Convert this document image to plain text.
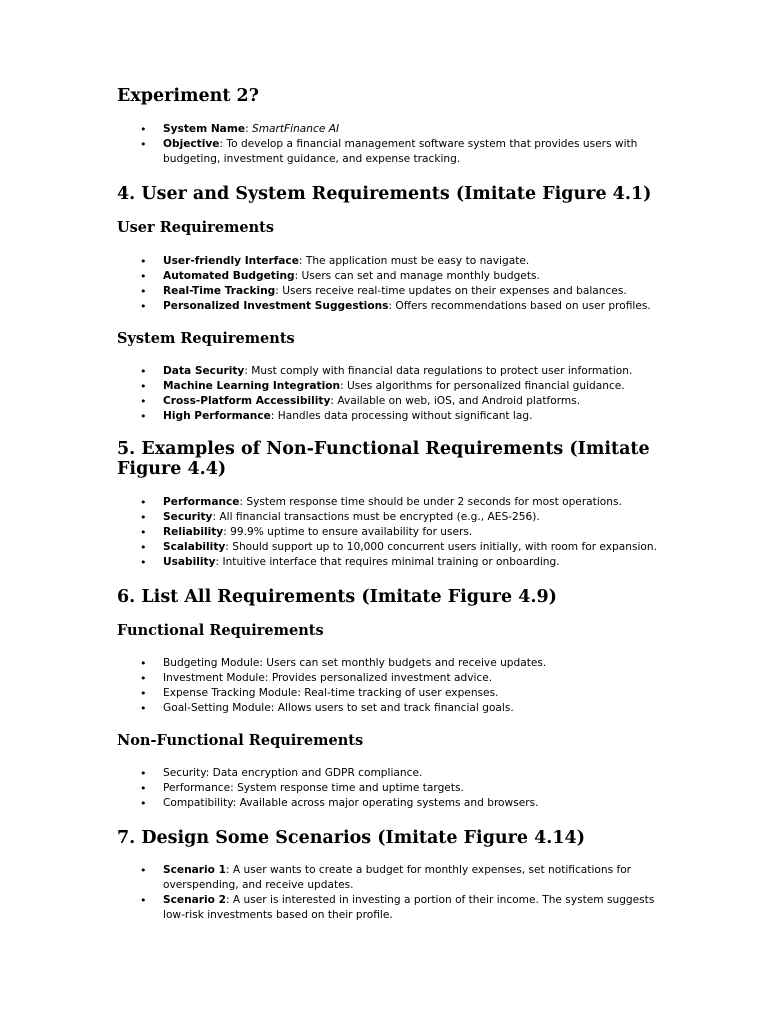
Experiment 2?
• System Name: SmartFinance AI
• Objective: To develop a financial management software system that provides users with budgeting, investment guidance, and expense tracking.
4. User and System Requirements (Imitate Figure 4.1)
User Requirements
• User-friendly Interface: The application must be easy to navigate.
• Automated Budgeting: Users can set and manage monthly budgets.
• Real-Time Tracking: Users receive real-time updates on their expenses and balances.
• Personalized Investment Suggestions: Offers recommendations based on user profiles.
System Requirements
• Data Security: Must comply with financial data regulations to protect user information.
• Machine Learning Integration: Uses algorithms for personalized financial guidance.
• Cross-Platform Accessibility: Available on web, iOS, and Android platforms.
• High Performance: Handles data processing without significant lag.
5. Examples of Non-Functional Requirements (Imitate
Figure 4.4)
• Performance: System response time should be under 2 seconds for most operations.
• Security: All financial transactions must be encrypted (e.g., AES-256).
• Reliability: 99.9% uptime to ensure availability for users.
• Scalability: Should support up to 10,000 concurrent users initially, with room for expansion.
• Usability: Intuitive interface that requires minimal training or onboarding.
6. List All Requirements (Imitate Figure 4.9)
Functional Requirements
• Budgeting Module: Users can set monthly budgets and receive updates.
• Investment Module: Provides personalized investment advice.
• Expense Tracking Module: Real-time tracking of user expenses.
• Goal-Setting Module: Allows users to set and track financial goals.
Non-Functional Requirements
• Security: Data encryption and GDPR compliance.
• Performance: System response time and uptime targets.
• Compatibility: Available across major operating systems and browsers.
7. Design Some Scenarios (Imitate Figure 4.14)
• Scenario 1: A user wants to create a budget for monthly expenses, set notifications for overspending, and receive updates.
• Scenario 2: A user is interested in investing a portion of their income. The system suggests low-risk investments based on their profile.
